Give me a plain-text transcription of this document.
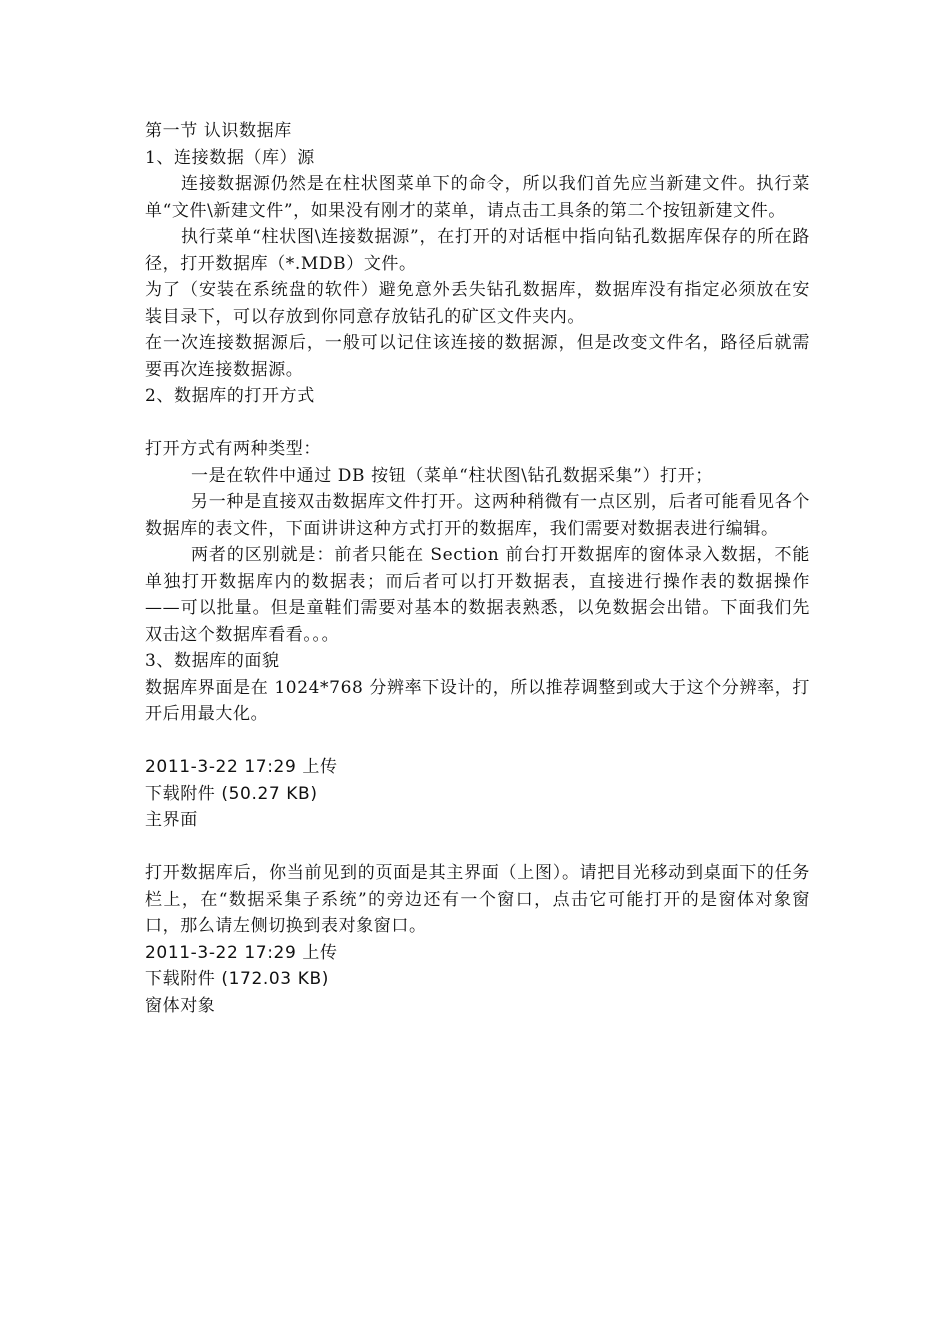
第一节 认识数据库

1、连接数据（库）源

连接数据源仍然是在柱状图菜单下的命令，所以我们首先应当新建文件。执行菜单“文件\新建文件”，如果没有刚才的菜单，请点击工具条的第二个按钮新建文件。

执行菜单“柱状图\连接数据源”，在打开的对话框中指向钻孔数据库保存的所在路径，打开数据库（*.MDB）文件。

为了（安装在系统盘的软件）避免意外丢失钻孔数据库，数据库没有指定必须放在安装目录下，可以存放到你同意存放钻孔的矿区文件夹内。

在一次连接数据源后，一般可以记住该连接的数据源，但是改变文件名，路径后就需要再次连接数据源。

2、数据库的打开方式

打开方式有两种类型：

一是在软件中通过 DB 按钮（菜单“柱状图\钻孔数据采集”）打开；

另一种是直接双击数据库文件打开。这两种稍微有一点区别，后者可能看见各个数据库的表文件，下面讲讲这种方式打开的数据库，我们需要对数据表进行编辑。

两者的区别就是：前者只能在 Section 前台打开数据库的窗体录入数据，不能单独打开数据库内的数据表；而后者可以打开数据表，直接进行操作表的数据操作——可以批量。但是童鞋们需要对基本的数据表熟悉，以免数据会出错。下面我们先双击这个数据库看看。。。

3、数据库的面貌

数据库界面是在 1024*768 分辨率下设计的，所以推荐调整到或大于这个分辨率，打开后用最大化。

2011-3-22 17:29 上传

下载附件 (50.27 KB)

主界面

打开数据库后，你当前见到的页面是其主界面（上图）。请把目光移动到桌面下的任务栏上，在“数据采集子系统”的旁边还有一个窗口，点击它可能打开的是窗体对象窗口，那么请左侧切换到表对象窗口。

2011-3-22 17:29 上传

下载附件 (172.03 KB)

窗体对象
